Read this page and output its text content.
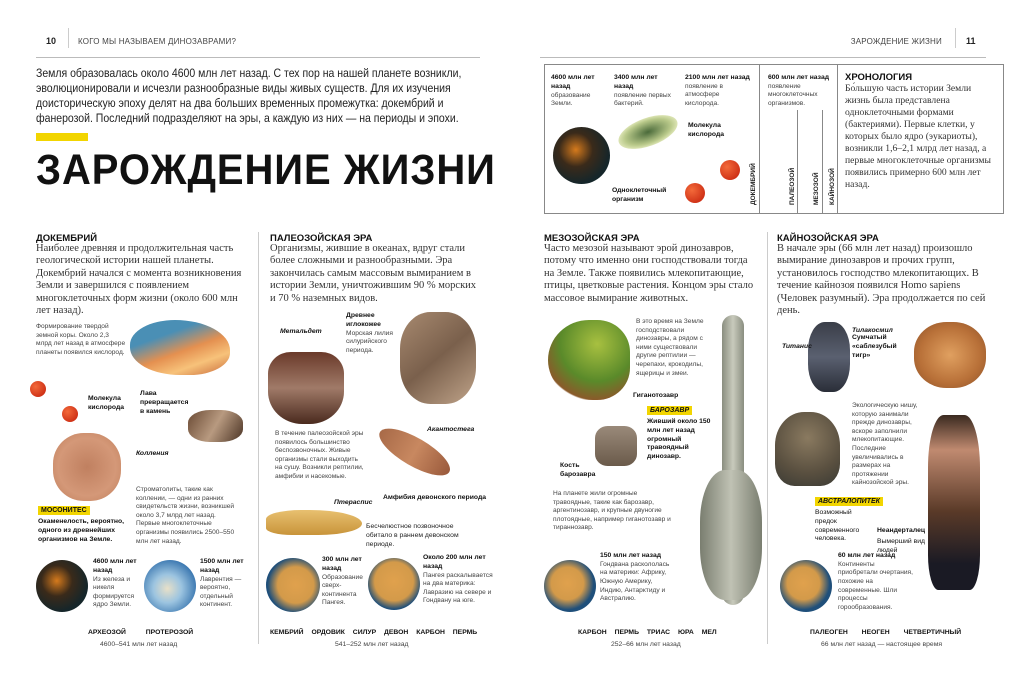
10	КОГО МЫ НАЗЫВАЕМ ДИНОЗАВРАМИ?	ЗАРОЖДЕНИЕ ЖИЗНИ	11
Земля образовалась около 4600 млн лет назад. С тех пор на нашей планете возникли, эволюционировали и исчезли разнообразные виды живых существ. Для их изучения доисторическую эпоху делят на два больших временных промежутка: докембрий и фанерозой. Последний подразделяют на эры, а каждую из них — на периоды и эпохи.
ЗАРОЖДЕНИЕ ЖИЗНИ
4600 млн лет назад
образование Земли.
3400 млн лет назад
появление первых бактерий.
2100 млн лет назад
появление в атмосфере кислорода.
600 млн лет назад
появление многоклеточных организмов.
Одноклеточный организм
Молекула кислорода
ДОКЕМБРИЙ	ПАЛЕОЗОЙ	МЕЗОЗОЙ КАЙНОЗОЙ
ХРОНОЛОГИЯ
Бо́льшую часть истории Земли жизнь была представлена одноклеточными формами (бактериями). Первые клетки, у которых было ядро (эукариоты), возникли 1,6–2,1 млрд лет назад, а первые многоклеточные организмы появились примерно 600 млн лет назад.
ДОКЕМБРИЙ
Наиболее древняя и продолжительная часть геологической истории нашей планеты. Докембрий начался с момента возникновения Земли и завершился с появлением многоклеточных форм жизни (около 600 млн лет назад).
ПАЛЕОЗОЙСКАЯ ЭРА
Организмы, жившие в океанах, вдруг стали более сложными и разнообразными. Эра закончилась самым массовым вымиранием в истории Земли, уничтожившим 90 % морских и 70 % наземных видов.
МЕЗОЗОЙСКАЯ ЭРА
Часто мезозой называют эрой динозавров, потому что именно они господствовали тогда на Земле. Также появились млекопитающие, птицы, цветковые растения. Концом эры стало массовое вымирание животных.
КАЙНОЗОЙСКАЯ ЭРА
В начале эры (66 млн лет назад) произошло вымирание динозавров и прочих групп, установилось господство млекопитающих. В течение кайнозоя появился Homo sapiens (Человек разумный). Эра продолжается по сей день.
Формирование твердой земной коры. Около 2,3 млрд лет назад в атмосфере планеты появился кислород.
Молекула кислорода
Лава превращается в камень
Колления
МОСОНИТЕС
Окаменелость, вероятно, одного из древнейших организмов на Земле.
Строматолиты, такие как коллении, — одни из ранних свидетельств жизни, возникшей около 3,7 млрд лет назад. Первые многоклеточные организмы появились 2500–550 млн лет назад.
4600 млн лет назад
Из железа и никеля формируется ядро Земли.
1500 млн лет назад
Лаврентия — вероятно, отдельный континент.
АРХЕОЗОЙ	ПРОТЕРОЗОЙ
4600–541 млн лет назад
Метальдет
Древнее иглокожее
Морская лилия силурийского периода.
В течение палеозойской эры появилось большинство беспозвоночных. Живые организмы стали выходить на сушу. Возникли рептилии, амфибии и насекомые.
Акантостега
Амфибия девонского периода
Птераспис
Бесчелюстное позвоночное обитало в раннем девонском периоде.
300 млн лет назад
Образование сверх-континента Пангея.
Около 200 млн лет назад
Пангея раскалывается на два материка: Лавразию на севере и Гондвану на юге.
КЕМБРИЙ ОРДОВИК СИЛУР ДЕВОН КАРБОН ПЕРМЬ
541–252 млн лет назад
В это время на Земле господствовали динозавры, а рядом с ними существовали другие рептилии — черепахи, крокодилы, ящерицы и змеи.
Гиганотозавр
БАРОЗАВР
Живший около 150 млн лет назад огромный травоядный динозавр.
Кость барозавра
На планете жили огромные травоядные, такие как барозавр, аргентинозавр, и крупные двуногие плотоядные, например гиганотозавр и тираннозавр.
150 млн лет назад
Гондвана раскололась на материки: Африку, Южную Америку, Индию, Антарктиду и Австралию.
КАРБОН ПЕРМЬ ТРИАС ЮРА МЕЛ
252–66 млн лет назад
Титанис
Тилакосмил
Сумчатый «саблезубый тигр»
Экологическую нишу, которую занимали прежде динозавры, вскоре заполнили млекопитающие. Последние увеличивались в размерах на протяжении кайнозойской эры.
АВСТРАЛОПИТЕК
Возможный предок современного человека.
Неандерталец
Вымерший вид людей
60 млн лет назад
Континенты приобретали очертания, похожие на современные. Шли процессы горообразования.
ПАЛЕОГЕН НЕОГЕН ЧЕТВЕРТИЧНЫЙ
66 млн лет назад — настоящее время
